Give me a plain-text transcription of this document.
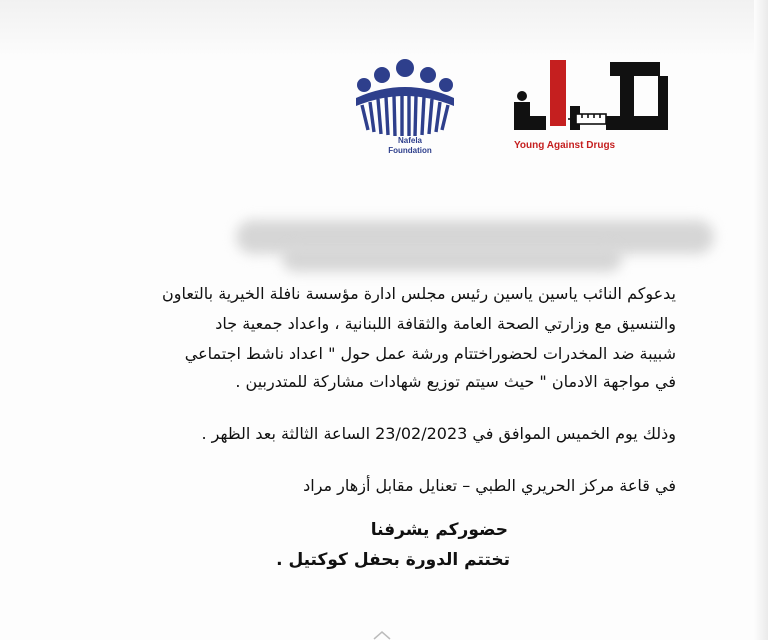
Nafela
Foundation	Young Against Drugs

يدعوكم النائب ياسين ياسين رئيس مجلس ادارة مؤسسة نافلة الخيرية بالتعاون

والتنسيق مع وزارتي الصحة العامة والثقافة اللبنانية ، واعداد جمعية جاد

شبيبة ضد المخدرات لحضوراختتام ورشة عمل حول " اعداد ناشط اجتماعي

في مواجهة الادمان " حيث سيتم توزيع شهادات مشاركة للمتدربين .

وذلك يوم الخميس الموافق في 23/02/2023 الساعة الثالثة بعد الظهر .

في قاعة مركز الحريري الطبي – تعنايل مقابل أزهار مراد

حضوركم يشرفنا

تختتم الدورة بحفل كوكتيل .
